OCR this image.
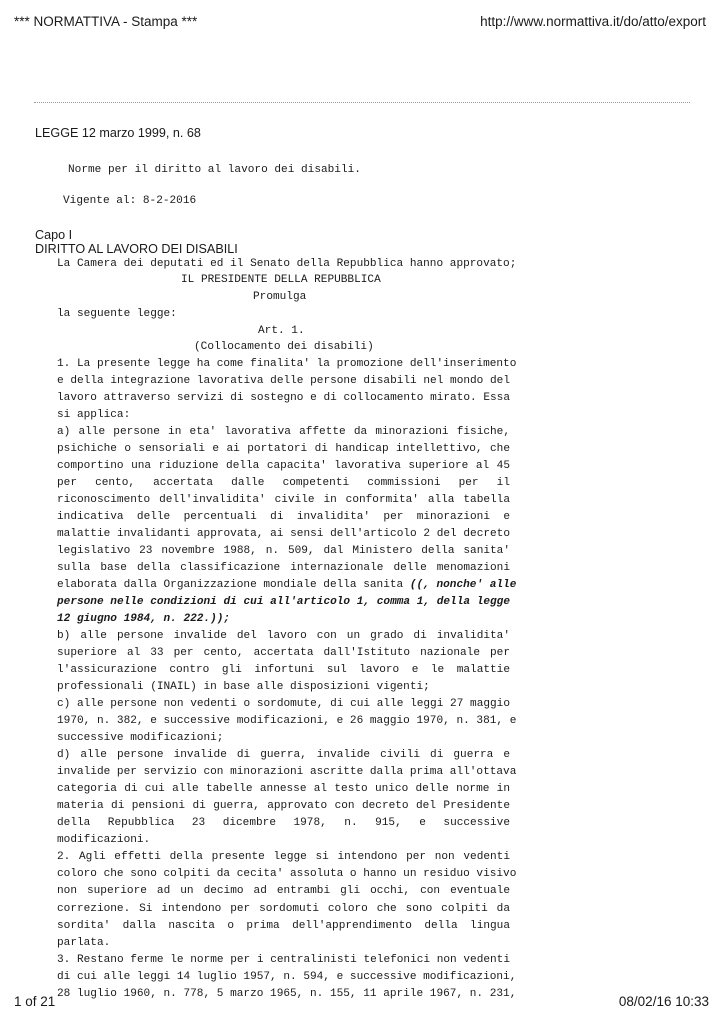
*** NORMATTIVA - Stampa ***	http://www.normattiva.it/do/atto/export
LEGGE 12 marzo 1999, n. 68
Norme per il diritto al lavoro dei disabili.
Vigente al: 8-2-2016
Capo I
DIRITTO AL LAVORO DEI DISABILI
La Camera dei deputati ed il Senato della Repubblica hanno approvato;
IL PRESIDENTE DELLA REPUBBLICA
Promulga
la seguente legge:
Art. 1.
(Collocamento dei disabili)
1. La presente legge ha come finalita' la promozione dell'inserimento
e della integrazione lavorativa delle persone disabili nel mondo del
lavoro attraverso servizi di sostegno e di collocamento mirato. Essa
si applica:
a) alle persone in eta' lavorativa affette da minorazioni fisiche,
psichiche o sensoriali e ai portatori di handicap intellettivo, che
comportino una riduzione della capacita' lavorativa superiore al 45
per cento, accertata dalle competenti commissioni per il
riconoscimento dell'invalidita' civile in conformita' alla tabella
indicativa delle percentuali di invalidita' per minorazioni e
malattie invalidanti approvata, ai sensi dell'articolo 2 del decreto
legislativo 23 novembre 1988, n. 509, dal Ministero della sanita'
sulla base della classificazione internazionale delle menomazioni
elaborata dalla Organizzazione mondiale della sanita ((, nonche' alle
persone nelle condizioni di cui all'articolo 1, comma 1, della legge
12 giugno 1984, n. 222.));
b) alle persone invalide del lavoro con un grado di invalidita'
superiore al 33 per cento, accertata dall'Istituto nazionale per
l'assicurazione contro gli infortuni sul lavoro e le malattie
professionali (INAIL) in base alle disposizioni vigenti;
c) alle persone non vedenti o sordomute, di cui alle leggi 27 maggio
1970, n. 382, e successive modificazioni, e 26 maggio 1970, n. 381, e
successive modificazioni;
d) alle persone invalide di guerra, invalide civili di guerra e
invalide per servizio con minorazioni ascritte dalla prima all'ottava
categoria di cui alle tabelle annesse al testo unico delle norme in
materia di pensioni di guerra, approvato con decreto del Presidente
della Repubblica 23 dicembre 1978, n. 915, e successive
modificazioni.
2. Agli effetti della presente legge si intendono per non vedenti
coloro che sono colpiti da cecita' assoluta o hanno un residuo visivo
non superiore ad un decimo ad entrambi gli occhi, con eventuale
correzione. Si intendono per sordomuti coloro che sono colpiti da
sordita' dalla nascita o prima dell'apprendimento della lingua
parlata.
3. Restano ferme le norme per i centralinisti telefonici non vedenti
di cui alle leggi 14 luglio 1957, n. 594, e successive modificazioni,
28 luglio 1960, n. 778, 5 marzo 1965, n. 155, 11 aprile 1967, n. 231,
1 of 21	08/02/16 10:33
